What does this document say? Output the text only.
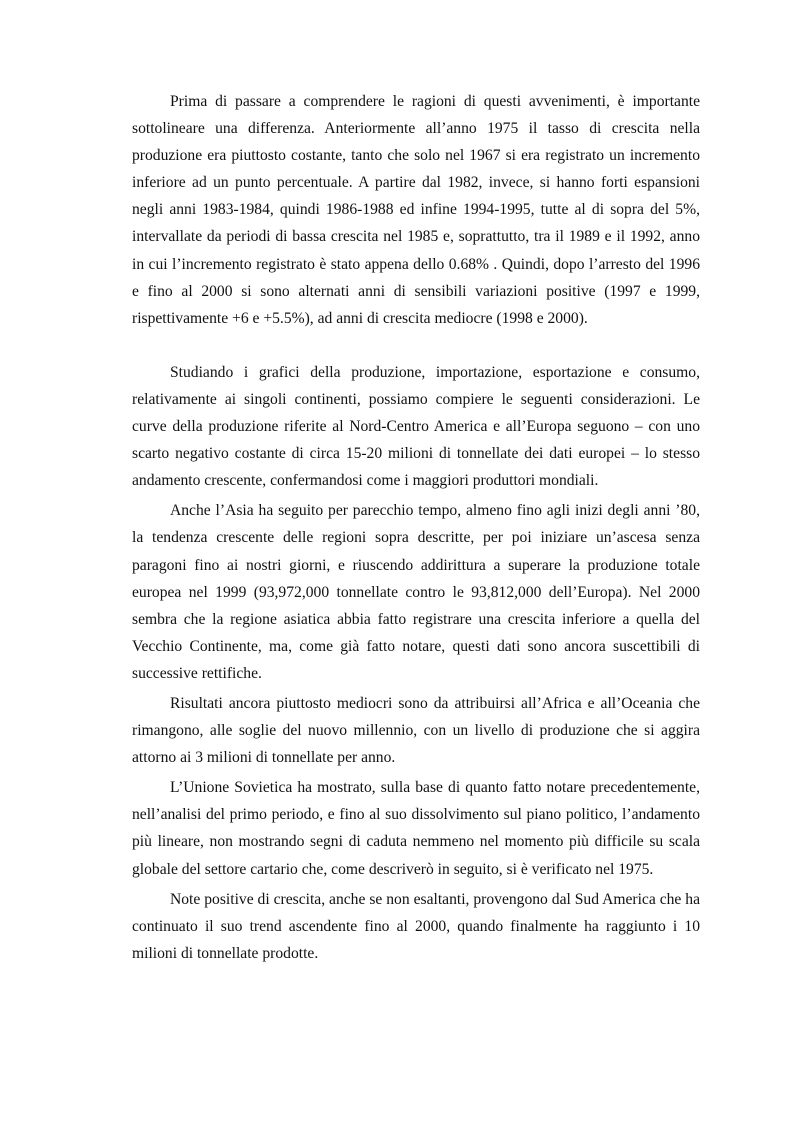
Prima di passare a comprendere le ragioni di questi avvenimenti, è importante sottolineare una differenza. Anteriormente all’anno 1975 il tasso di crescita nella produzione era piuttosto costante, tanto che solo nel 1967 si era registrato un incremento inferiore ad un punto percentuale. A partire dal 1982, invece, si hanno forti espansioni negli anni 1983-1984, quindi 1986-1988 ed infine 1994-1995, tutte al di sopra del 5%, intervallate da periodi di bassa crescita nel 1985 e, soprattutto, tra il 1989 e il 1992, anno in cui l’incremento registrato è stato appena dello 0.68% . Quindi, dopo l’arresto del 1996 e fino al 2000 si sono alternati anni di sensibili variazioni positive (1997 e 1999, rispettivamente +6 e +5.5%), ad anni di crescita mediocre (1998 e 2000).

Studiando i grafici della produzione, importazione, esportazione e consumo, relativamente ai singoli continenti, possiamo compiere le seguenti considerazioni. Le curve della produzione riferite al Nord-Centro America e all’Europa seguono – con uno scarto negativo costante di circa 15-20 milioni di tonnellate dei dati europei – lo stesso andamento crescente, confermandosi come i maggiori produttori mondiali.

Anche l’Asia ha seguito per parecchio tempo, almeno fino agli inizi degli anni ’80, la tendenza crescente delle regioni sopra descritte, per poi iniziare un’ascesa senza paragoni fino ai nostri giorni, e riuscendo addirittura a superare la produzione totale europea nel 1999 (93,972,000 tonnellate contro le 93,812,000 dell’Europa). Nel 2000 sembra che la regione asiatica abbia fatto registrare una crescita inferiore a quella del Vecchio Continente, ma, come già fatto notare, questi dati sono ancora suscettibili di successive rettifiche.

Risultati ancora piuttosto mediocri sono da attribuirsi all’Africa e all’Oceania che rimangono, alle soglie del nuovo millennio, con un livello di produzione che si aggira attorno ai 3 milioni di tonnellate per anno.

L’Unione Sovietica ha mostrato, sulla base di quanto fatto notare precedentemente, nell’analisi del primo periodo, e fino al suo dissolvimento sul piano politico, l’andamento più lineare, non mostrando segni di caduta nemmeno nel momento più difficile su scala globale del settore cartario che, come descriverò in seguito, si è verificato nel 1975.

Note positive di crescita, anche se non esaltanti, provengono dal Sud America che ha continuato il suo trend ascendente fino al 2000, quando finalmente ha raggiunto i 10 milioni di tonnellate prodotte.
